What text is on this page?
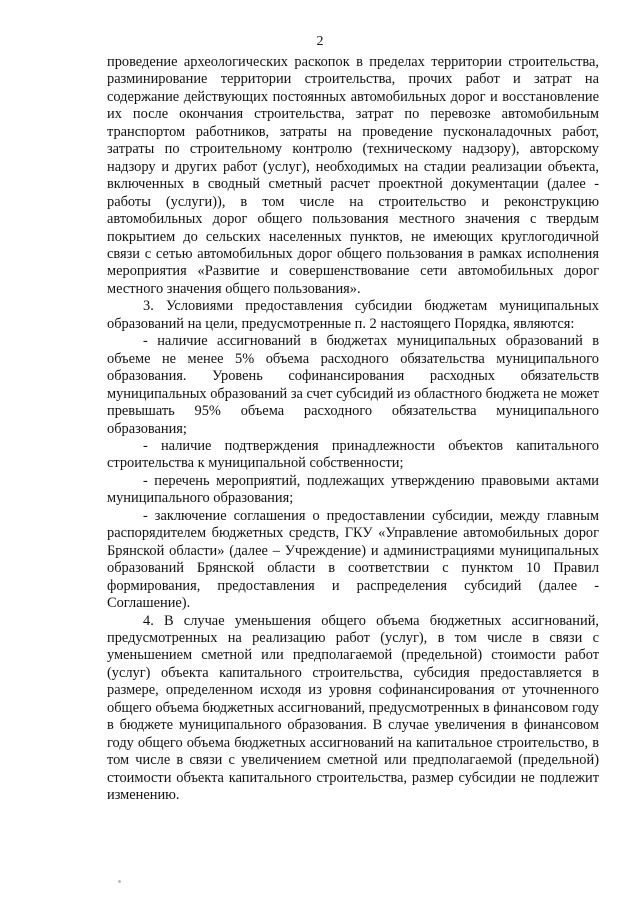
2

проведение археологических раскопок в пределах территории строительства, разминирование территории строительства, прочих работ и затрат на содержание действующих постоянных автомобильных дорог и восстановление их после окончания строительства, затрат по перевозке автомобильным транспортом работников, затраты на проведение пусконаладочных работ, затраты по строительному контролю (техническому надзору), авторскому надзору и других работ (услуг), необходимых на стадии реализации объекта, включенных в сводный сметный расчет проектной документации (далее - работы (услуги)), в том числе на строительство и реконструкцию автомобильных дорог общего пользования местного значения с твердым покрытием до сельских населенных пунктов, не имеющих круглогодичной связи с сетью автомобильных дорог общего пользования в рамках исполнения мероприятия «Развитие и совершенствование сети автомобильных дорог местного значения общего пользования».

3. Условиями предоставления субсидии бюджетам муниципальных образований на цели, предусмотренные п. 2 настоящего Порядка, являются:

- наличие ассигнований в бюджетах муниципальных образований в объеме не менее 5% объема расходного обязательства муниципального образования. Уровень софинансирования расходных обязательств муниципальных образований за счет субсидий из областного бюджета не может превышать 95% объема расходного обязательства муниципального образования;

- наличие подтверждения принадлежности объектов капитального строительства к муниципальной собственности;

- перечень мероприятий, подлежащих утверждению правовыми актами муниципального образования;

- заключение соглашения о предоставлении субсидии, между главным распорядителем бюджетных средств, ГКУ «Управление автомобильных дорог Брянской области» (далее – Учреждение) и администрациями муниципальных образований Брянской области в соответствии с пунктом 10 Правил формирования, предоставления и распределения субсидий (далее - Соглашение).

4. В случае уменьшения общего объема бюджетных ассигнований, предусмотренных на реализацию работ (услуг), в том числе в связи с уменьшением сметной или предполагаемой (предельной) стоимости работ (услуг) объекта капитального строительства, субсидия предоставляется в размере, определенном исходя из уровня софинансирования от уточненного общего объема бюджетных ассигнований, предусмотренных в финансовом году в бюджете муниципального образования. В случае увеличения в финансовом году общего объема бюджетных ассигнований на капитальное строительство, в том числе в связи с увеличением сметной или предполагаемой (предельной) стоимости объекта капитального строительства, размер субсидии не подлежит изменению.
